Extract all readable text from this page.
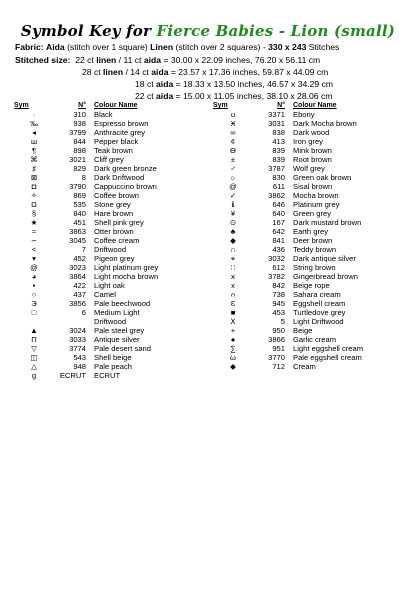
Symbol Key for Fierce Babies - Lion (small)
Fabric: Aida (stitch over 1 square) Linen (stitch over 2 squares) - 330 x 243 Stitches
Stitched size: 22 ct linen / 11 ct aida = 30.00 x 22.09 inches, 76.20 x 56.11 cm
28 ct linen / 14 ct aida = 23.57 x 17.36 inches, 59.87 x 44.09 cm
18 ct aida = 18.33 x 13.50 inches, 46.57 x 34.29 cm
22 ct aida = 15.00 x 11.05 inches, 38.10 x 28.06 cm
Sym	N°	Colour Name
·	310	Black
‰	938	Espresso brown
◂	3799	Anthracite grey
ш	844	Pepper black
¶	898	Teak brown
⌘	3021	Cliff grey
♯	829	Dark green bronze
⊠	8	Dark Driftwood
◘	3790	Cappuccino brown
✧	869	Coffee brown
Ω	535	Stone grey
§	840	Hare brown
★	451	Shell pink grey
≈	3863	Otter brown
∽	3045	Coffee cream
<	7	Driftwood
▾	452	Pigeon grey
@	3023	Light platinum grey
◕	3864	Light mocha brown
▪	422	Light oak
○	437	Camel
Э	3856	Pale beechwood
□	6	Medium Light
		Driftwood
▲	3024	Pale steel grey
Π	3033	Antique silver
▽	3774	Pale desert sand
◫	543	Shell beige
△	948	Pale peach
g	ECRUT	ECRUT
Sym	N°	Colour Name
ʊ	3371	Ebony
Ӿ	3031	Dark Mocha brown
∞	838	Dark wood
¢	413	Iron grey
Ө	839	Mink brown
±	839	Root brown
♂	3787	Wolf grey
☼	830	Green oak brown
@	611	Sisal brown
✓	3862	Mocha brown
ℹ	646	Platinum grey
¥	640	Green grey
⊙	167	Dark mustard brown
♣	642	Earth grey
◆	841	Deer brown
∩	436	Teddy brown
⌖	3032	Dark antique silver
∷	612	String brown
ⅹ	3782	Gingerbread brown
x	842	Beige rope
ᴒ	738	Sahara cream
Ɛ	945	Eggshell cream
■	453	Turtledove grey

Ⅹ	5	Light Driftwood
+	950	Beige
●	3866	Garlic cream
∑	951	Light eggshell cream
ω	3770	Pale eggshell cream
◆	712	Cream
